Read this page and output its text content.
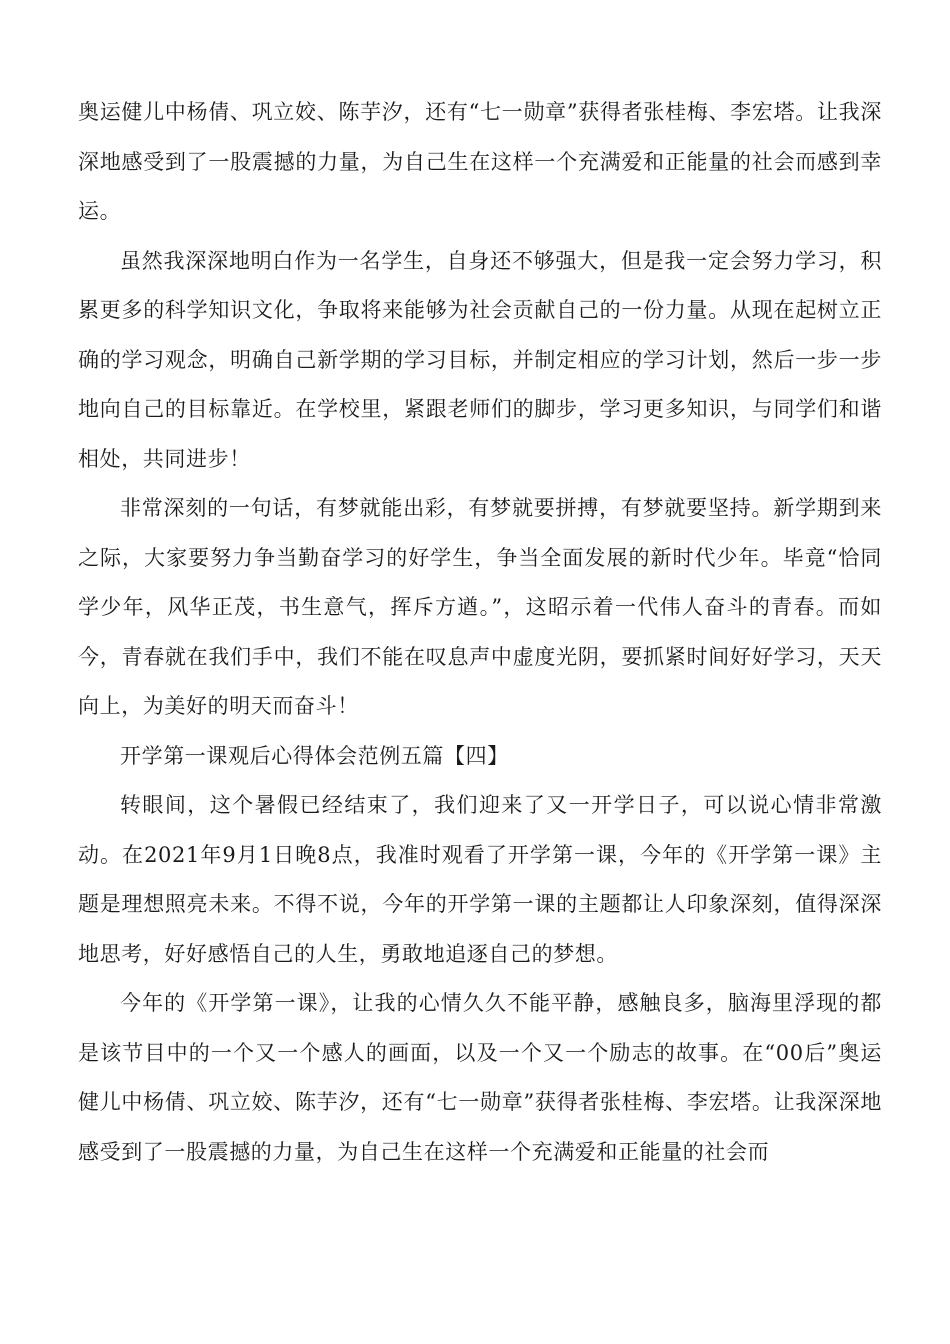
奥运健儿中杨倩、巩立姣、陈芋汐，还有“七一勋章”获得者张桂梅、李宏塔。让我深深地感受到了一股震撼的力量，为自己生在这样一个充满爱和正能量的社会而感到幸运。

虽然我深深地明白作为一名学生，自身还不够强大，但是我一定会努力学习，积累更多的科学知识文化，争取将来能够为社会贡献自己的一份力量。从现在起树立正确的学习观念，明确自己新学期的学习目标，并制定相应的学习计划，然后一步一步地向自己的目标靠近。在学校里，紧跟老师们的脚步，学习更多知识，与同学们和谐相处，共同进步！

非常深刻的一句话，有梦就能出彩，有梦就要拼搏，有梦就要坚持。新学期到来之际，大家要努力争当勤奋学习的好学生，争当全面发展的新时代少年。毕竟“恰同学少年，风华正茂，书生意气，挥斥方遒。”，这昭示着一代伟人奋斗的青春。而如今，青春就在我们手中，我们不能在叹息声中虚度光阴，要抓紧时间好好学习，天天向上，为美好的明天而奋斗！

开学第一课观后心得体会范例五篇【四】

转眼间，这个暑假已经结束了，我们迎来了又一开学日子，可以说心情非常激动。在2021年9月1日晚8点，我准时观看了开学第一课，今年的《开学第一课》主题是理想照亮未来。不得不说，今年的开学第一课的主题都让人印象深刻，值得深深地思考，好好感悟自己的人生，勇敢地追逐自己的梦想。

今年的《开学第一课》，让我的心情久久不能平静，感触良多，脑海里浮现的都是该节目中的一个又一个感人的画面，以及一个又一个励志的故事。在“00后”奥运健儿中杨倩、巩立姣、陈芋汐，还有“七一勋章”获得者张桂梅、李宏塔。让我深深地感受到了一股震撼的力量，为自己生在这样一个充满爱和正能量的社会而
